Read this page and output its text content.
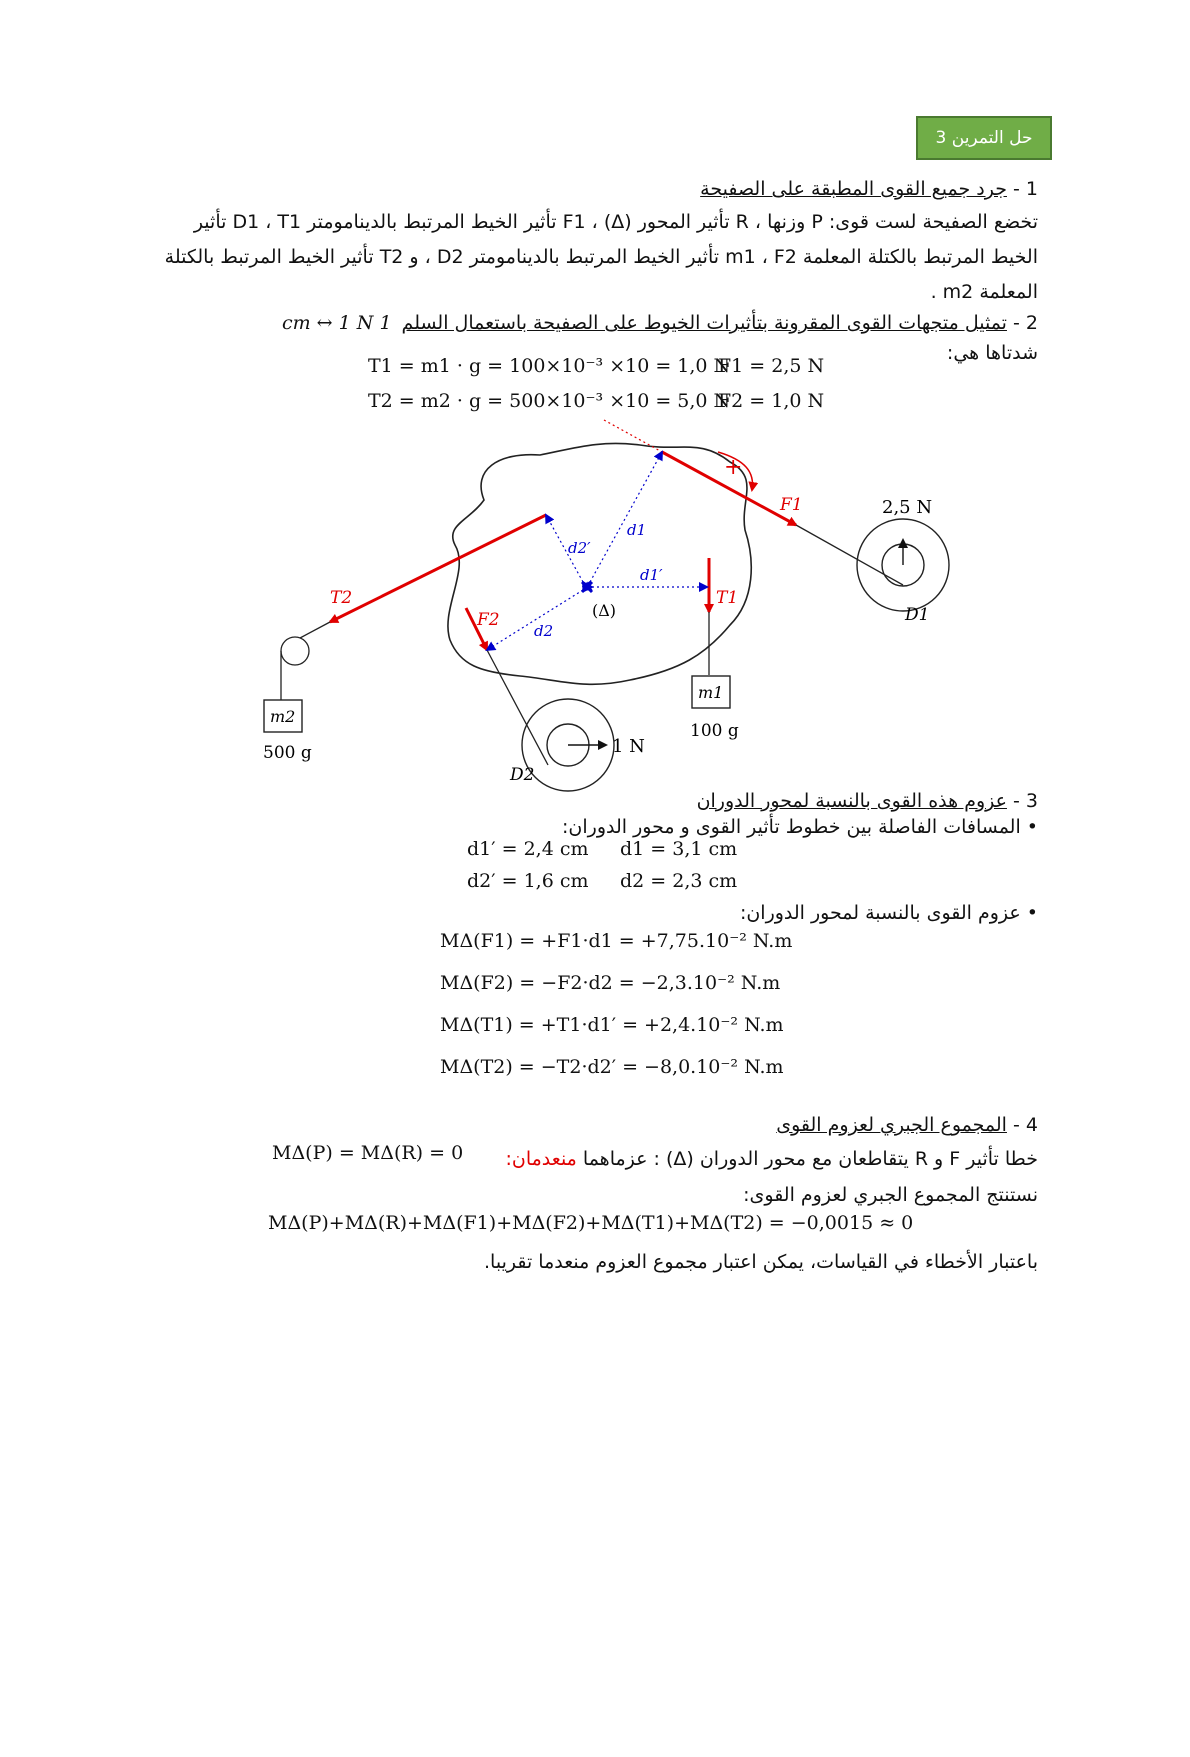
حل التمرين 3
1 - جرد جميع القوى المطبقة على الصفيحة
تخضع الصفيحة لست قوى: P وزنها ، R تأثير المحور (Δ) ، F1 تأثير الخيط المرتبط بالدينامومتر D1 ، T1 تأثير
الخيط المرتبط بالكتلة المعلمة m1 ، F2 تأثير الخيط المرتبط بالدينامومتر D2 ، و T2 تأثير الخيط المرتبط بالكتلة
المعلمة m2 .
2 - تمثيل متجهات القوى المقرونة بتأثيرات الخيوط على الصفيحة باستعمال السلم1 cm ↔ 1 N
شدتاها هي:
T1 = m1 · g = 100×10⁻³ ×10 = 1,0 N
F1 = 2,5 N
T2 = m2 · g = 500×10⁻³ ×10 = 5,0 N
F2 = 1,0 N
F1
+
2,5 N
D1
T1
m1
100 g
(Δ)
d1
d1′
T2
m2
500 g
d2′
F2
d2
1 N
D2
3 - عزوم هذه القوى بالنسبة لمحور الدوران
• المسافات الفاصلة بين خطوط تأثير القوى و محور الدوران:
d1′ = 2,4 cm d1 = 3,1 cm
d2′ = 1,6 cm d2 = 2,3 cm
• عزوم القوى بالنسبة لمحور الدوران:
MΔ(F1) = +F1·d1 = +7,75.10⁻² N.m
MΔ(F2) = −F2·d2 = −2,3.10⁻² N.m
MΔ(T1) = +T1·d1′ = +2,4.10⁻² N.m
MΔ(T2) = −T2·d2′ = −8,0.10⁻² N.m
4 - المجموع الجبري لعزوم القوى
خطا تأثير F و R يتقاطعان مع محور الدوران (Δ) : عزماهما منعدمان:
MΔ(P) = MΔ(R) = 0
نستنتج المجموع الجبري لعزوم القوى:
MΔ(P)+MΔ(R)+MΔ(F1)+MΔ(F2)+MΔ(T1)+MΔ(T2) = −0,0015 ≈ 0
باعتبار الأخطاء في القياسات، يمكن اعتبار مجموع العزوم منعدما تقريبا.
